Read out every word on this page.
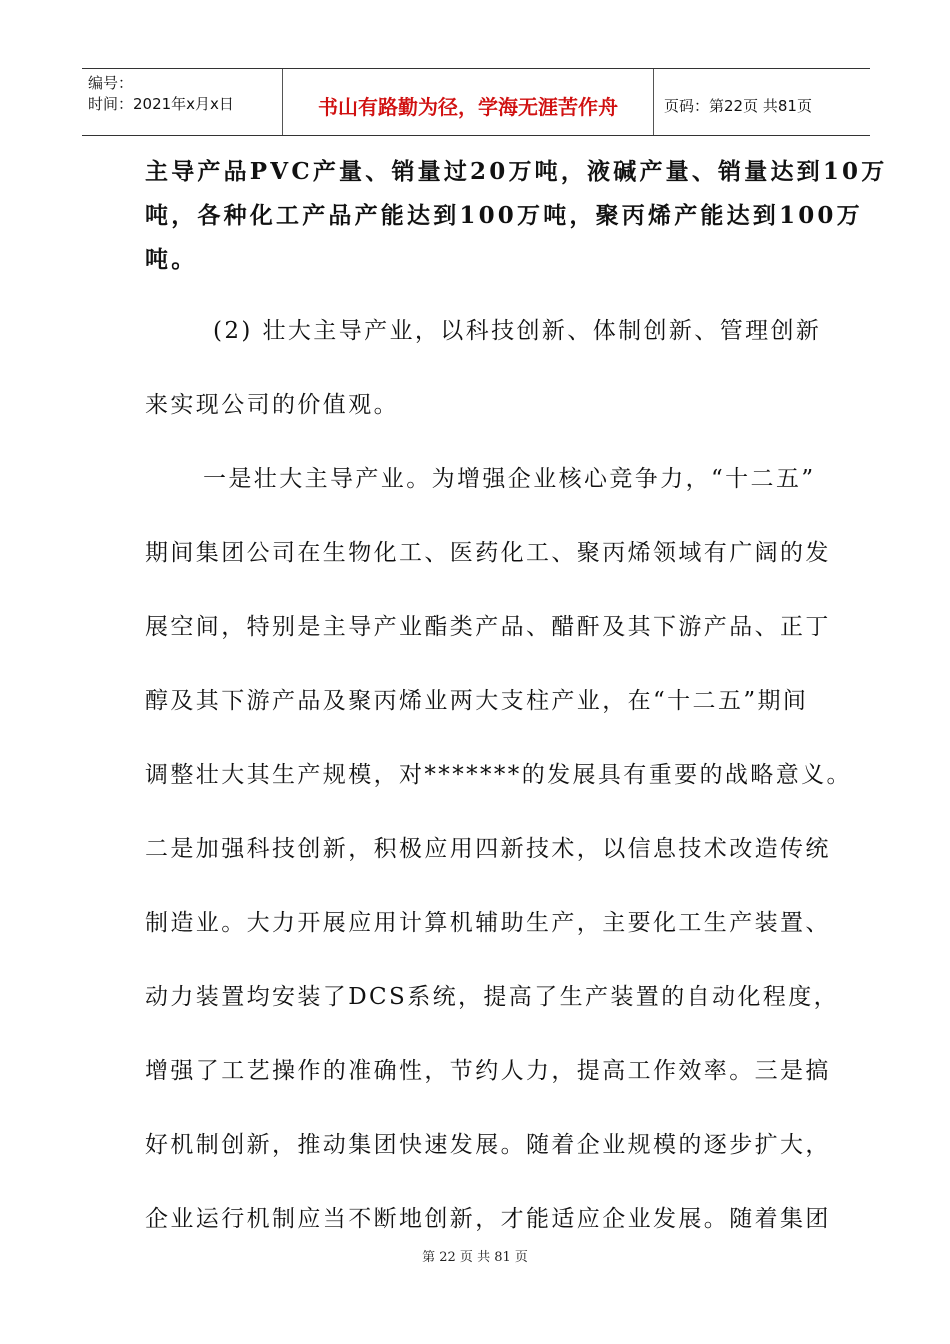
编号：
时间：2021年x月x日	书山有路勤为径，学海无涯苦作舟	页码：第22页 共81页
主导产品PVC产量、销量过20万吨，液碱产量、销量达到10万
吨，各种化工产品产能达到100万吨，聚丙烯产能达到100万
吨。
(2) 壮大主导产业，以科技创新、体制创新、管理创新
来实现公司的价值观。
一是壮大主导产业。为增强企业核心竞争力，“十二五”
期间集团公司在生物化工、医药化工、聚丙烯领域有广阔的发
展空间，特别是主导产业酯类产品、醋酐及其下游产品、正丁
醇及其下游产品及聚丙烯业两大支柱产业，在“十二五”期间
调整壮大其生产规模，对*******的发展具有重要的战略意义。
二是加强科技创新，积极应用四新技术，以信息技术改造传统
制造业。大力开展应用计算机辅助生产，主要化工生产装置、
动力装置均安装了DCS系统，提高了生产装置的自动化程度，
增强了工艺操作的准确性，节约人力，提高工作效率。三是搞
好机制创新，推动集团快速发展。随着企业规模的逐步扩大，
企业运行机制应当不断地创新，才能适应企业发展。随着集团
第 22 页 共 81 页
